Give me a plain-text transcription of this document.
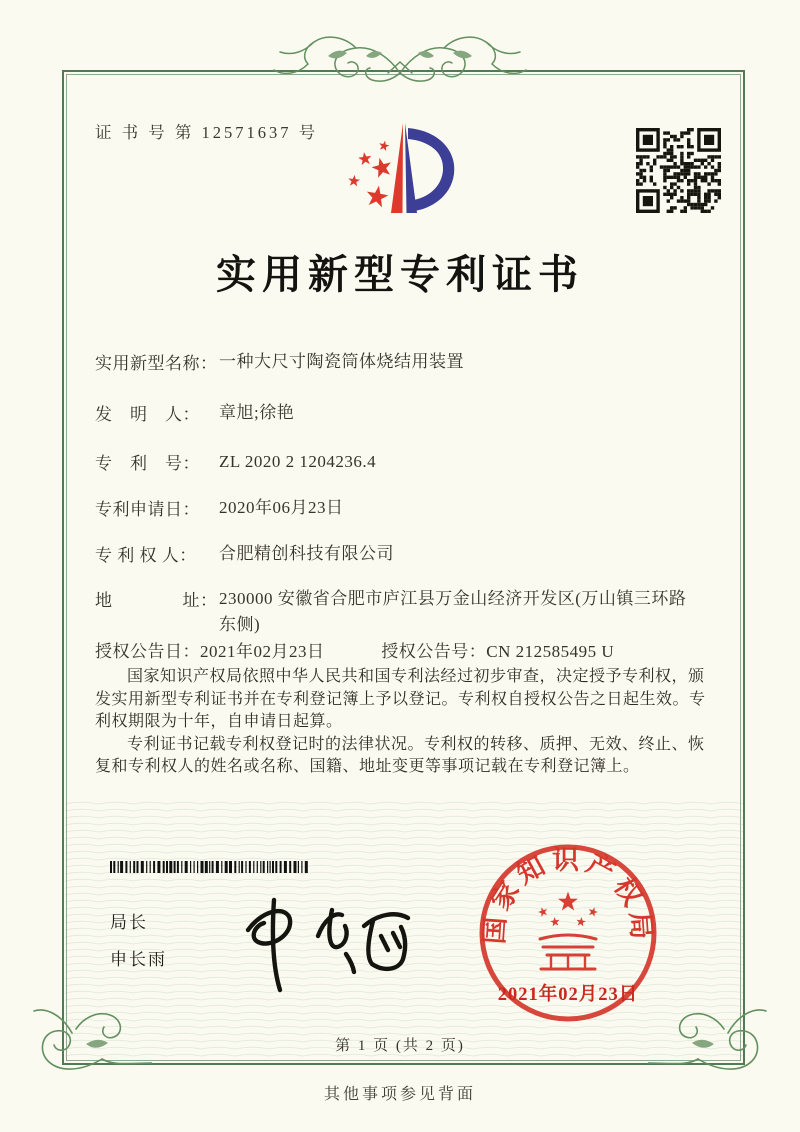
证 书 号 第 12571637 号
实用新型专利证书
实用新型名称：一种大尺寸陶瓷筒体烧结用装置
发　明　人： 章旭;徐艳
专　利　号： ZL 2020 2 1204236.4
专利申请日： 2020年06月23日
专 利 权 人： 合肥精创科技有限公司
地　　　　址：230000 安徽省合肥市庐江县万金山经济开发区(万山镇三环路东侧)
授权公告日：2021年02月23日	授权公告号：CN 212585495 U

国家知识产权局依照中华人民共和国专利法经过初步审查，决定授予专利权，颁发实用新型专利证书并在专利登记簿上予以登记。专利权自授权公告之日起生效。专利权期限为十年，自申请日起算。

专利证书记载专利权登记时的法律状况。专利权的转移、质押、无效、终止、恢复和专利权人的姓名或名称、国籍、地址变更等事项记载在专利登记簿上。

局长
申长雨
国家知识产权局
2021年02月23日
第 1 页 (共 2 页)
其他事项参见背面
